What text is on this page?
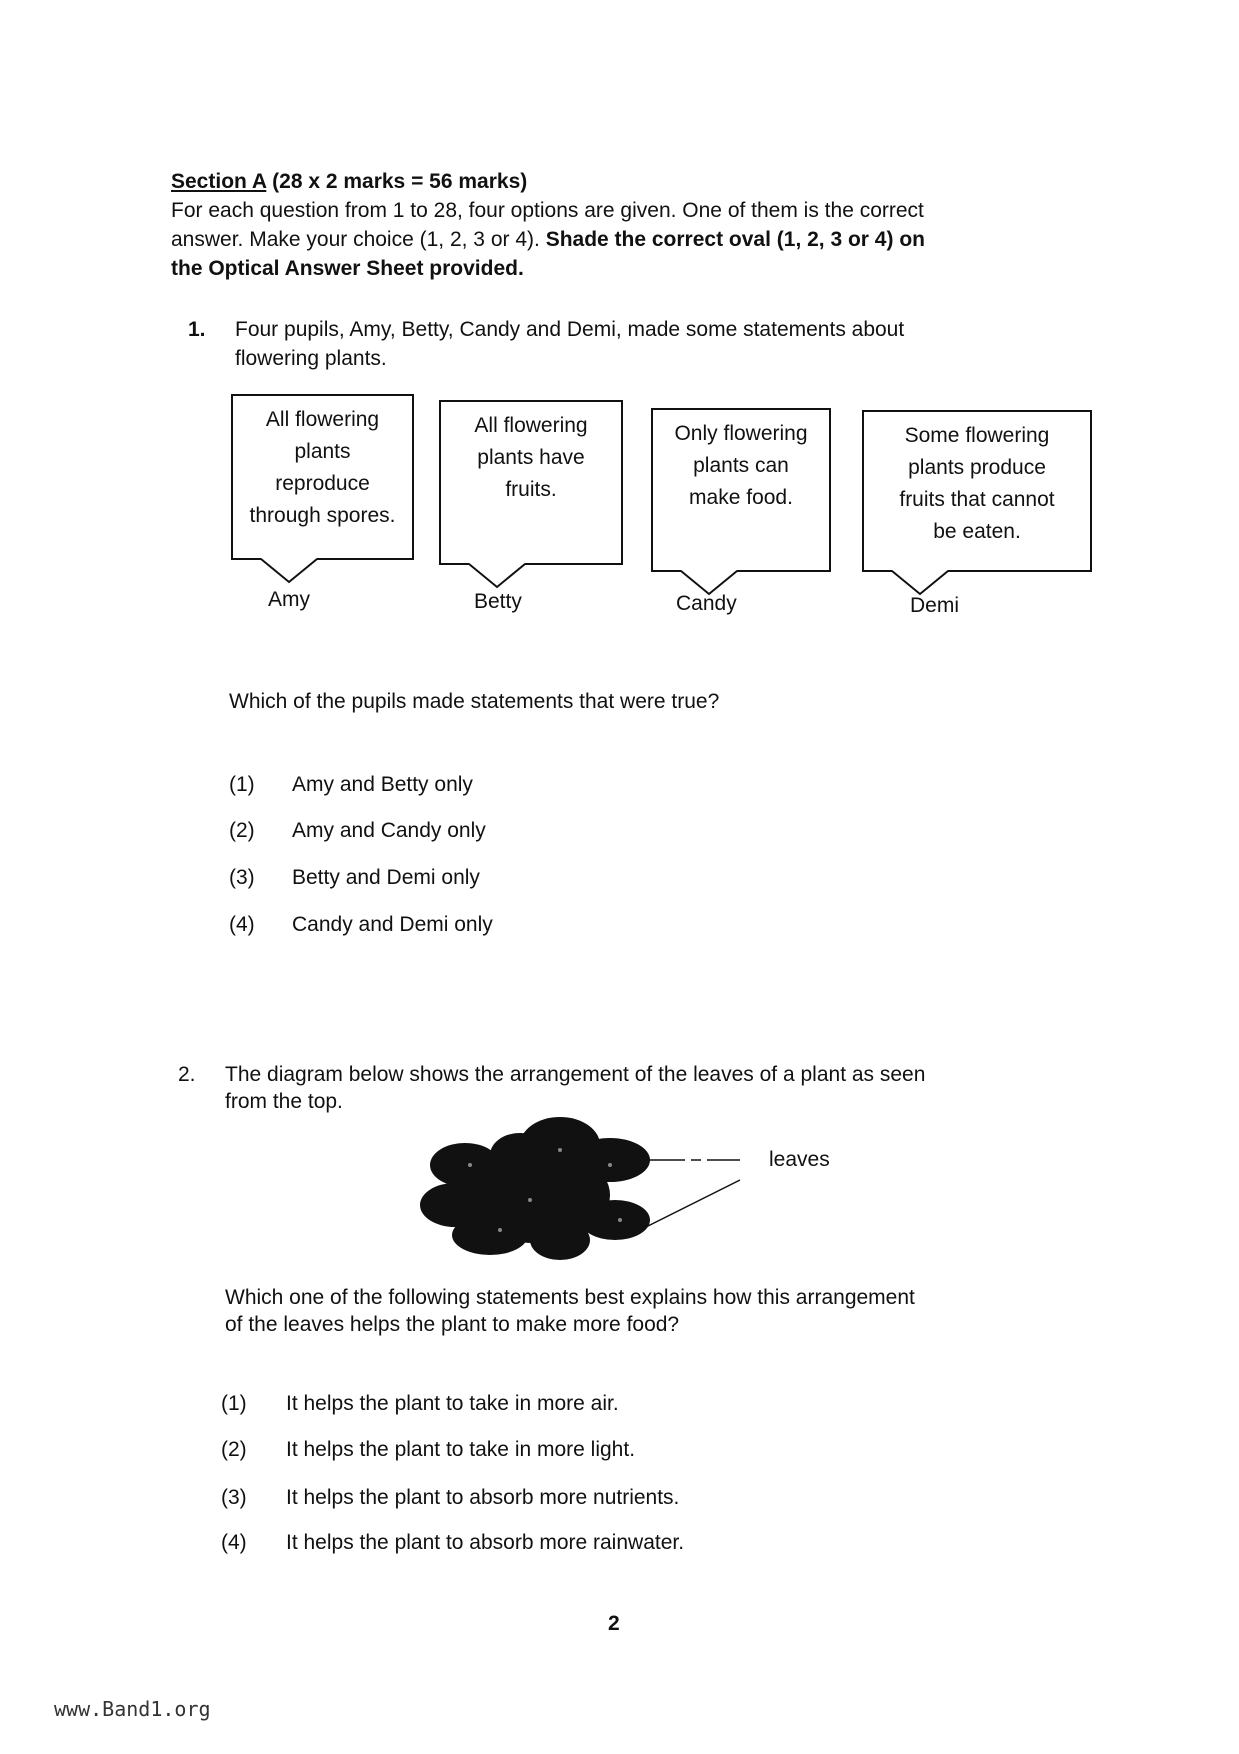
Section A (28 x 2 marks = 56 marks)
For each question from 1 to 28, four options are given. One of them is the correct
answer. Make your choice (1, 2, 3 or 4). Shade the correct oval (1, 2, 3 or 4) on
the Optical Answer Sheet provided.
1. Four pupils, Amy, Betty, Candy and Demi, made some statements about
flowering plants.
All flowering
plants
reproduce
through spores.
Amy
All flowering
plants have
fruits.
Betty
Only flowering
plants can
make food.
Candy
Some flowering
plants produce
fruits that cannot
be eaten.
Demi
Which of the pupils made statements that were true?
(1) Amy and Betty only
(2) Amy and Candy only
(3) Betty and Demi only
(4) Candy and Demi only
2. The diagram below shows the arrangement of the leaves of a plant as seen
from the top.
leaves
Which one of the following statements best explains how this arrangement
of the leaves helps the plant to make more food?
(1) It helps the plant to take in more air.
(2) It helps the plant to take in more light.
(3) It helps the plant to absorb more nutrients.
(4) It helps the plant to absorb more rainwater.
2
www.Band1.org
